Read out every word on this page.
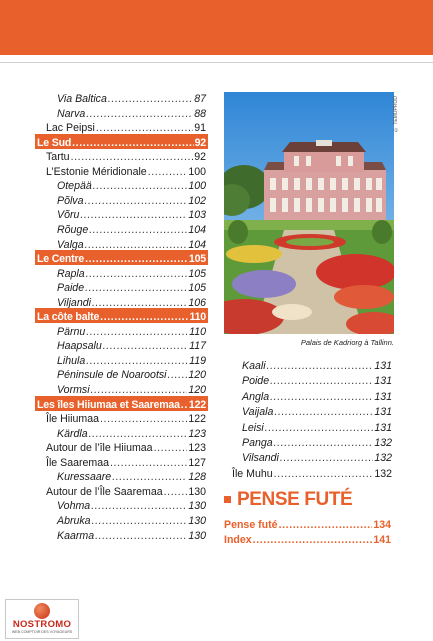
Via Baltica .....	87
Narva .....	88
Lac Peipsi .....	91
Le Sud .....	92
Tartu .....	92
L’Estonie Méridionale .....	100
Otepää .....	100
Põlva .....	102
Võru .....	103
Rõuge .....	104
Valga .....	104
Le Centre .....	105
Rapla .....	105
Paide .....	105
Viljandi .....	106
La côte balte .....	110
Pärnu .....	110
Haapsalu .....	117
Lihula .....	119
Péninsule de Noarootsi ..... 120
Vormsi .....	120
Les îles Hiiumaa et Saaremaa ..... 122
Île Hiiumaa .....	122
Kärdla .....	123
Autour de l’île Hiiumaa .....	123
Île Saaremaa .....	127
Kuressaare .....	128
Autour de l’Île Saaremaa ..... 130
Vohma .....	130
Abruka .....	130
Kaarma .....	130
Kaali .....	131
Poide .....	131
Angla .....	131
Vaijala .....	131
Leisi .....	131
Panga .....	132
Vilsandi .....	132
Île Muhu .....	132
© TEMUPROD
Palais de Kadriorg à Tallinn.
PENSE FUTÉ
Pense futé .....	134
Index .....	141
NOSTROMO
WEB COMPTOIR DES VOYAGEURS
